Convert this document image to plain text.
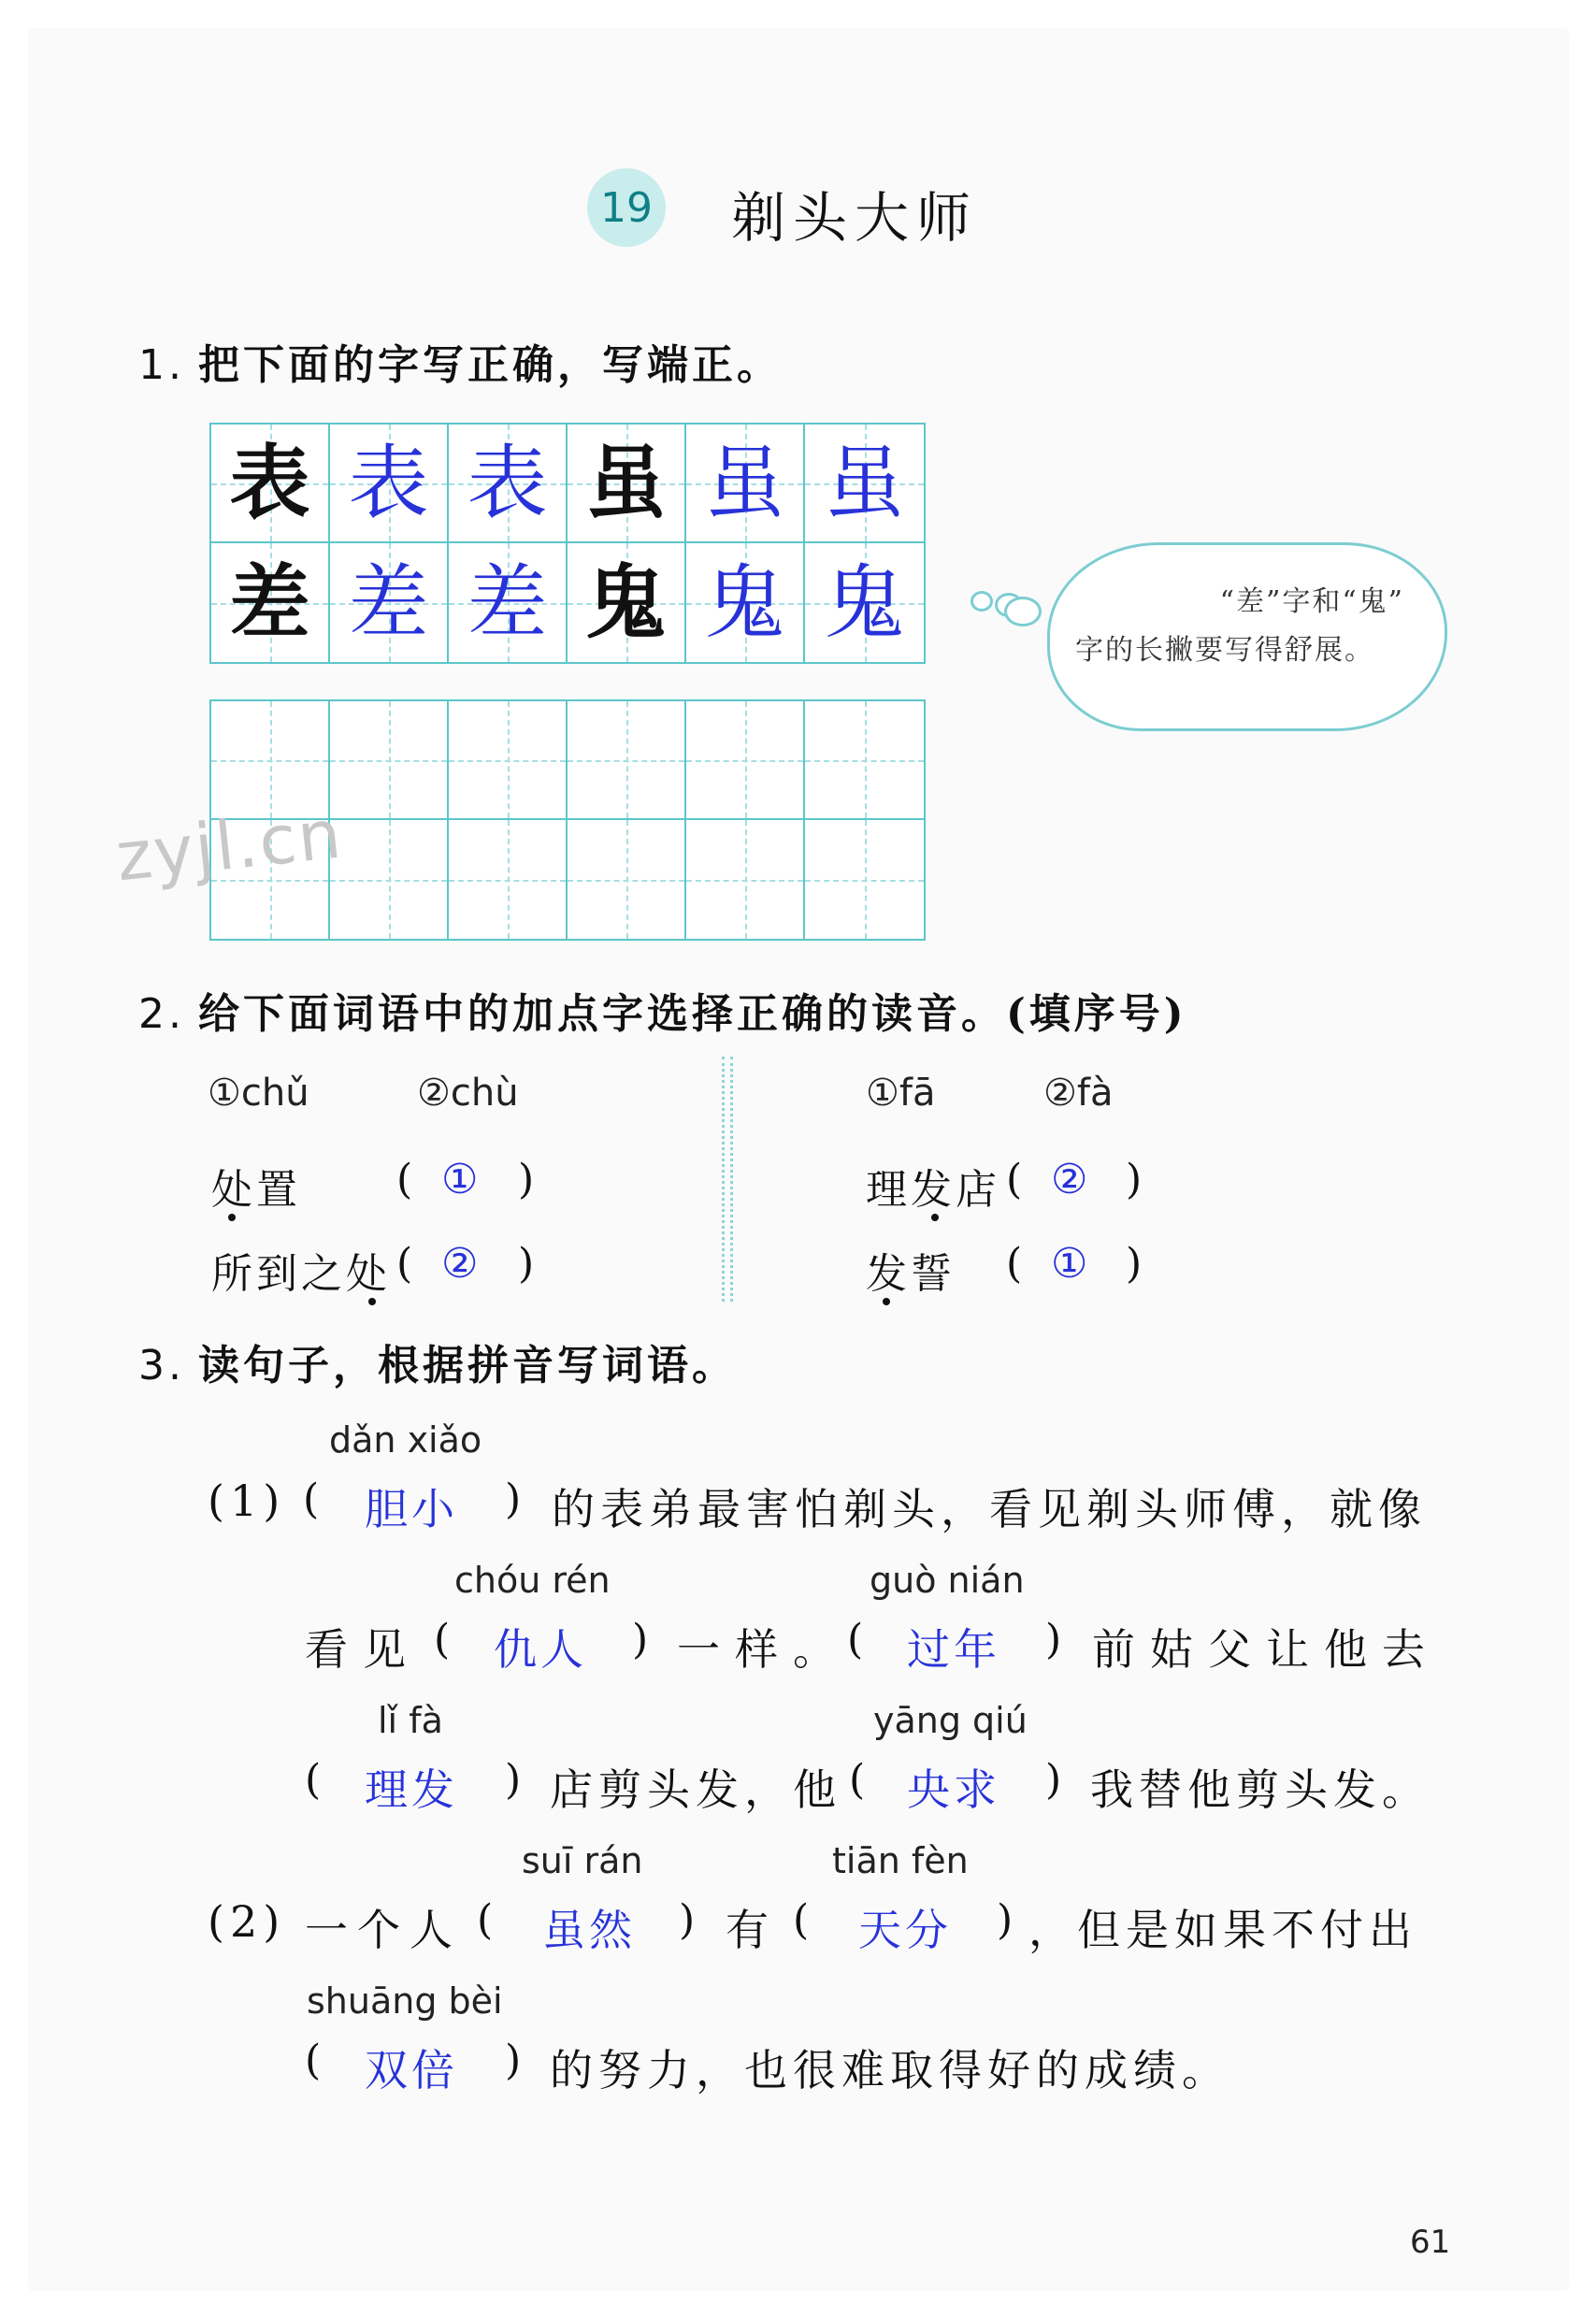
19 剃头大师
1. 把下面的字写正确，写端正。
表 表 表 虽 虽 虽
差 差 差 鬼 鬼 鬼	“差”字和“鬼”
字的长撇要写得舒展。
zyjl.cn
2. 给下面词语中的加点字选择正确的读音。(填序号)
①chǔ	②chù
处置 ( ① )
所到之处 ( ② )
①fā	②fà
理发店 ( ② )
发誓 ( ① )
3. 读句子，根据拼音写词语。
dǎn xiǎo
(1) ( 胆小 ) 的表弟最害怕剃头，看见剃头师傅，就像
chóu rén	guò nián
看见 ( 仇人 ) 一样。
( 过年 ) 前姑父让他去
lǐ fà	yāng qiú
( 理发 ) 店剪头发，他 ( 央求 ) 我替他剪头发。
suī rán	tiān fèn
(2) 一个人 ( 虽然 ) 有 ( 天分 ) ，但是如果不付出
shuāng bèi
( 双倍 ) 的努力，也很难取得好的成绩。
61
